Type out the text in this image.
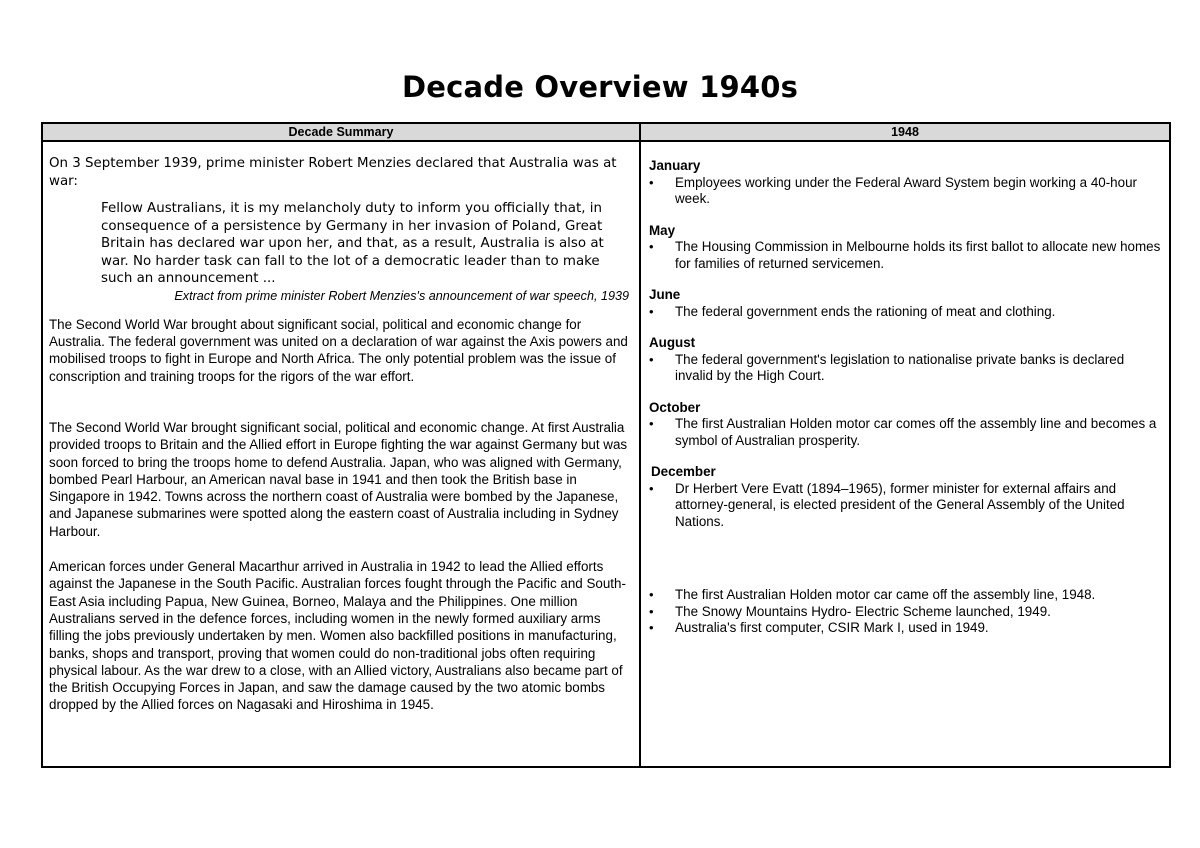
Decade Overview 1940s
Decade Summary
On 3 September 1939, prime minister Robert Menzies declared that Australia was at war:
Fellow Australians, it is my melancholy duty to inform you officially that, in consequence of a persistence by Germany in her invasion of Poland, Great Britain has declared war upon her, and that, as a result, Australia is also at war. No harder task can fall to the lot of a democratic leader than to make such an announcement ...
Extract from prime minister Robert Menzies's announcement of war speech, 1939
The Second World War brought about significant social, political and economic change for Australia. The federal government was united on a declaration of war against the Axis powers and mobilised troops to fight in Europe and North Africa. The only potential problem was the issue of conscription and training troops for the rigors of the war effort.
The Second World War brought significant social, political and economic change. At first Australia provided troops to Britain and the Allied effort in Europe fighting the war against Germany but was soon forced to bring the troops home to defend Australia. Japan, who was aligned with Germany, bombed Pearl Harbour, an American naval base in 1941 and then took the British base in Singapore in 1942. Towns across the northern coast of Australia were bombed by the Japanese, and Japanese submarines were spotted along the eastern coast of Australia including in Sydney Harbour.
American forces under General Macarthur arrived in Australia in 1942 to lead the Allied efforts against the Japanese in the South Pacific. Australian forces fought through the Pacific and South-East Asia including Papua, New Guinea, Borneo, Malaya and the Philippines. One million Australians served in the defence forces, including women in the newly formed auxiliary arms filling the jobs previously undertaken by men. Women also backfilled positions in manufacturing, banks, shops and transport, proving that women could do non-traditional jobs often requiring physical labour. As the war drew to a close, with an Allied victory, Australians also became part of the British Occupying Forces in Japan, and saw the damage caused by the two atomic bombs dropped by the Allied forces on Nagasaki and Hiroshima in 1945.
1948
January
•
Employees working under the Federal Award System begin working a 40-hour week.
May
•
The Housing Commission in Melbourne holds its first ballot to allocate new homes for families of returned servicemen.
June
•
The federal government ends the rationing of meat and clothing.
August
•
The federal government's legislation to nationalise private banks is declared invalid by the High Court.
October
•
The first Australian Holden motor car comes off the assembly line and becomes a symbol of Australian prosperity.
December
•
Dr Herbert Vere Evatt (1894–1965), former minister for external affairs and attorney-general, is elected president of the General Assembly of the United Nations.
•
The first Australian Holden motor car came off the assembly line, 1948.
•
The Snowy Mountains Hydro- Electric Scheme launched, 1949.
•
Australia's first computer, CSIR Mark I, used in 1949.
